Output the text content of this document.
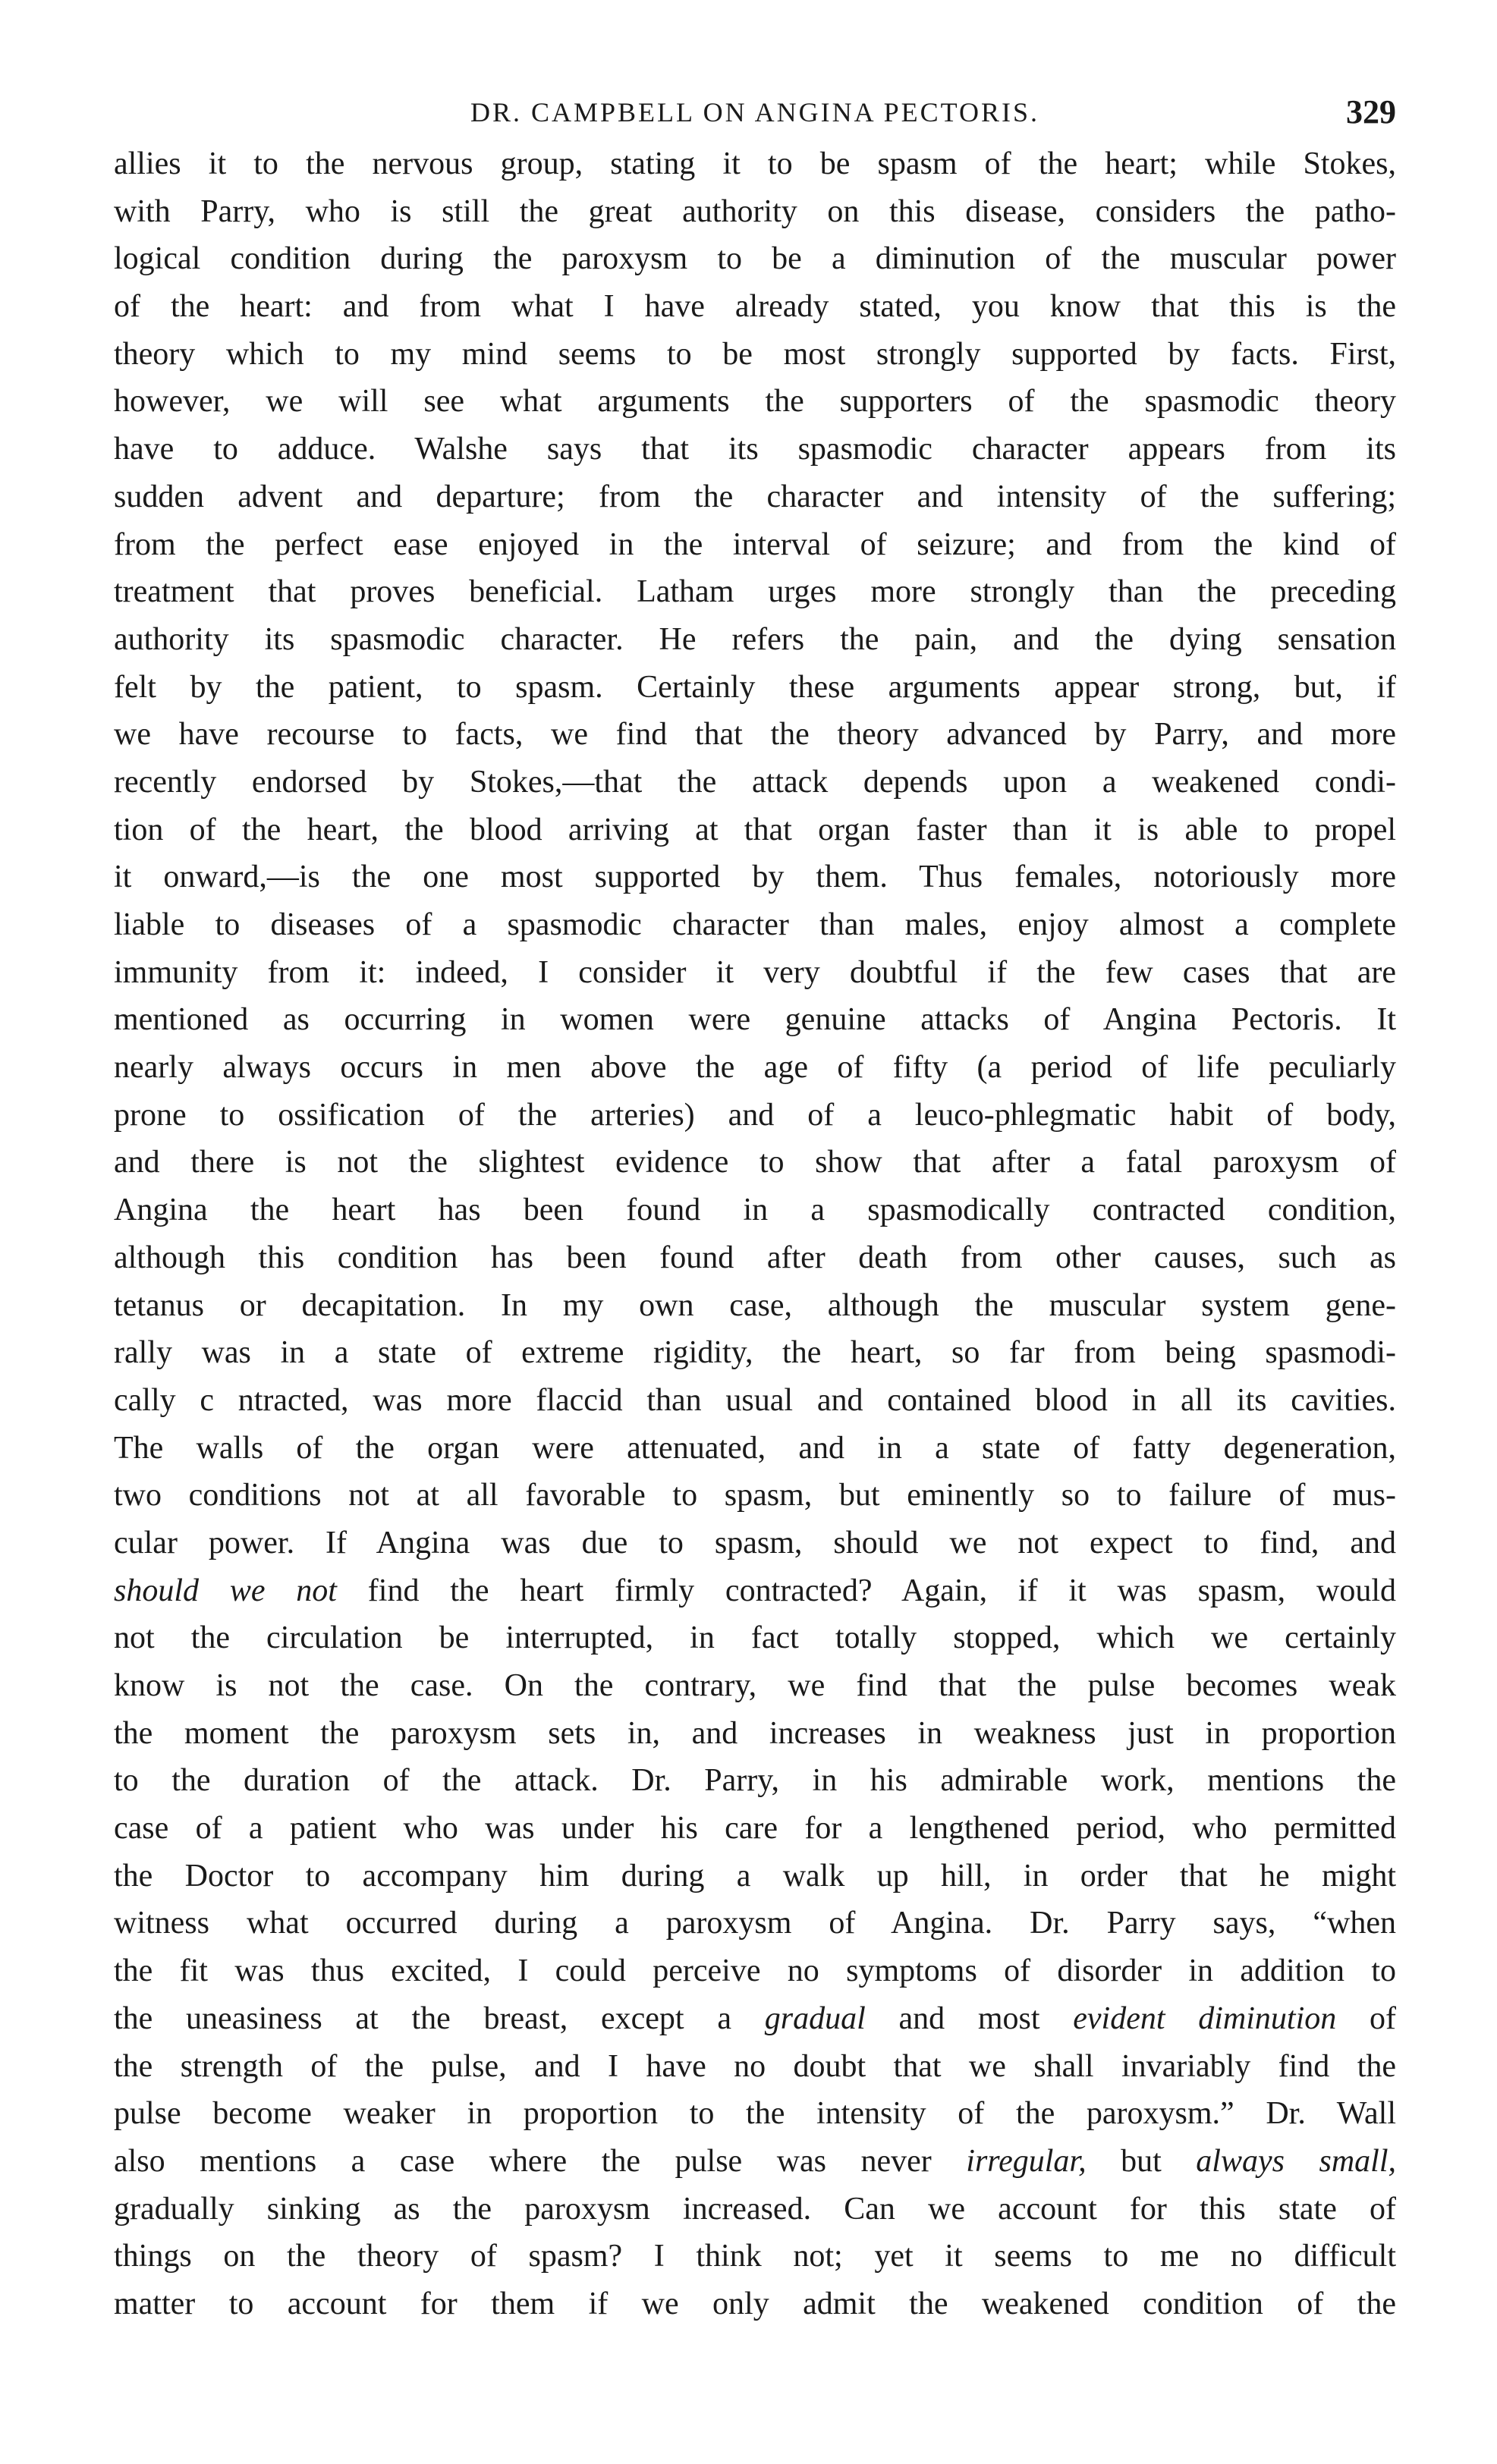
DR. CAMPBELL ON ANGINA PECTORIS.	329
allies it to the nervous group, stating it to be spasm of the heart; while Stokes,
with Parry, who is still the great authority on this disease, considers the patho-
logical condition during the paroxysm to be a diminution of the muscular power
of the heart: and from what I have already stated, you know that this is the
theory which to my mind seems to be most strongly supported by facts. First,
however, we will see what arguments the supporters of the spasmodic theory
have to adduce. Walshe says that its spasmodic character appears from its
sudden advent and departure; from the character and intensity of the suffering;
from the perfect ease enjoyed in the interval of seizure; and from the kind of
treatment that proves beneficial. Latham urges more strongly than the preceding
authority its spasmodic character. He refers the pain, and the dying sensation
felt by the patient, to spasm. Certainly these arguments appear strong, but, if
we have recourse to facts, we find that the theory advanced by Parry, and more
recently endorsed by Stokes,—that the attack depends upon a weakened condi-
tion of the heart, the blood arriving at that organ faster than it is able to propel
it onward,—is the one most supported by them. Thus females, notoriously more
liable to diseases of a spasmodic character than males, enjoy almost a complete
immunity from it: indeed, I consider it very doubtful if the few cases that are
mentioned as occurring in women were genuine attacks of Angina Pectoris. It
nearly always occurs in men above the age of fifty (a period of life peculiarly
prone to ossification of the arteries) and of a leuco-phlegmatic habit of body,
and there is not the slightest evidence to show that after a fatal paroxysm of
Angina the heart has been found in a spasmodically contracted condition,
although this condition has been found after death from other causes, such as
tetanus or decapitation. In my own case, although the muscular system gene-
rally was in a state of extreme rigidity, the heart, so far from being spasmodi-
cally c ntracted, was more flaccid than usual and contained blood in all its cavities.
The walls of the organ were attenuated, and in a state of fatty degeneration,
two conditions not at all favorable to spasm, but eminently so to failure of mus-
cular power. If Angina was due to spasm, should we not expect to find, and
should we not find the heart firmly contracted? Again, if it was spasm, would
not the circulation be interrupted, in fact totally stopped, which we certainly
know is not the case. On the contrary, we find that the pulse becomes weak
the moment the paroxysm sets in, and increases in weakness just in proportion
to the duration of the attack. Dr. Parry, in his admirable work, mentions the
case of a patient who was under his care for a lengthened period, who permitted
the Doctor to accompany him during a walk up hill, in order that he might
witness what occurred during a paroxysm of Angina. Dr. Parry says, “when
the fit was thus excited, I could perceive no symptoms of disorder in addition to
the uneasiness at the breast, except a gradual and most evident diminution of
the strength of the pulse, and I have no doubt that we shall invariably find the
pulse become weaker in proportion to the intensity of the paroxysm.” Dr. Wall
also mentions a case where the pulse was never irregular, but always small,
gradually sinking as the paroxysm increased. Can we account for this state of
things on the theory of spasm? I think not; yet it seems to me no difficult
matter to account for them if we only admit the weakened condition of the
